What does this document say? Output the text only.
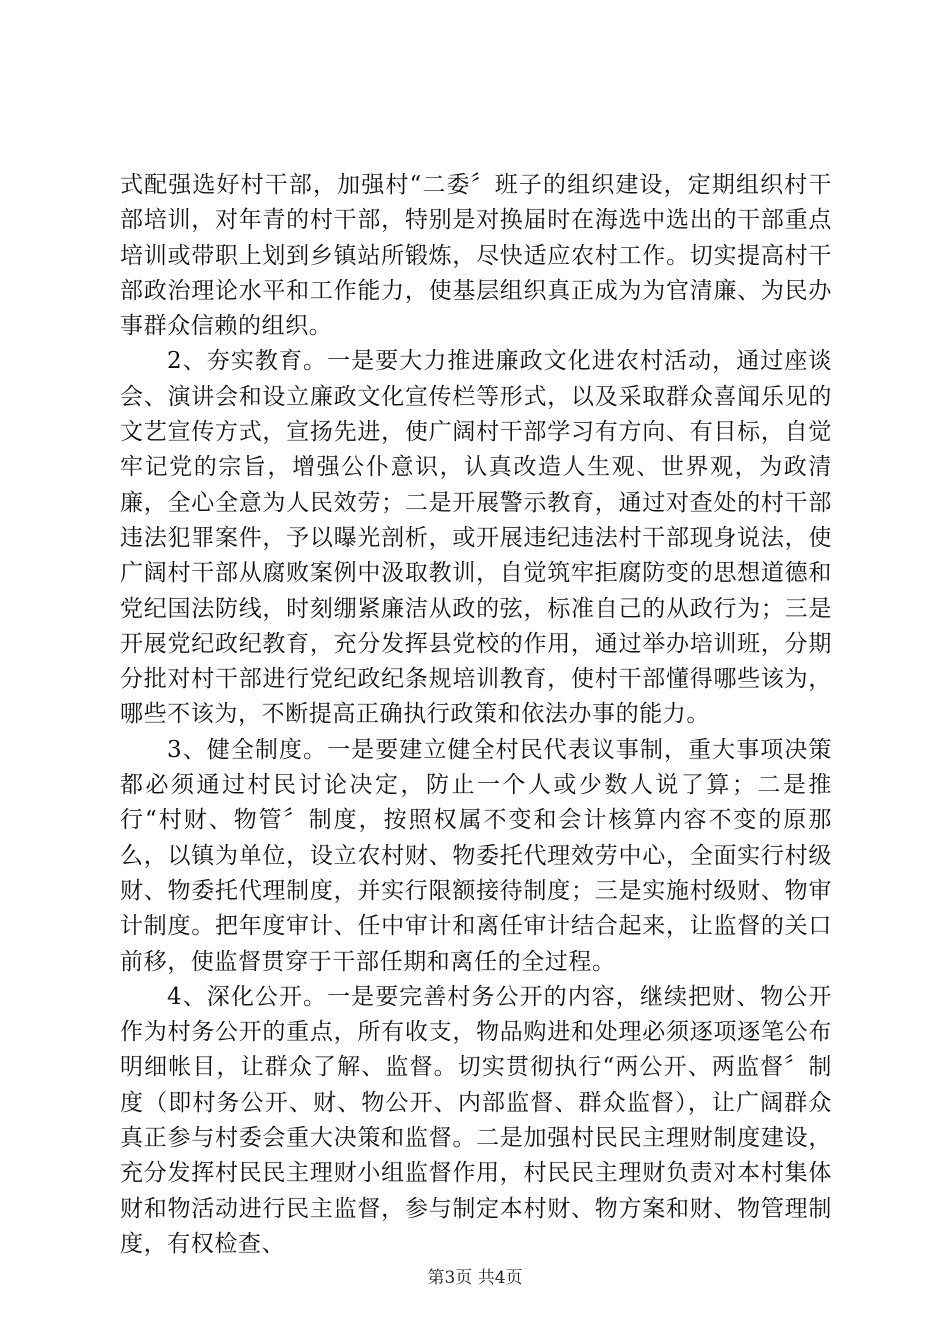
式配强选好村干部，加强村“二委〞班子的组织建设，定期组织村干部培训，对年青的村干部，特别是对换届时在海选中选出的干部重点培训或带职上划到乡镇站所锻炼，尽快适应农村工作。切实提高村干部政治理论水平和工作能力，使基层组织真正成为为官清廉、为民办事群众信赖的组织。

2、夯实教育。一是要大力推进廉政文化进农村活动，通过座谈会、演讲会和设立廉政文化宣传栏等形式，以及采取群众喜闻乐见的文艺宣传方式，宣扬先进，使广阔村干部学习有方向、有目标，自觉牢记党的宗旨，增强公仆意识，认真改造人生观、世界观，为政清廉，全心全意为人民效劳；二是开展警示教育，通过对查处的村干部违法犯罪案件，予以曝光剖析，或开展违纪违法村干部现身说法，使广阔村干部从腐败案例中汲取教训，自觉筑牢拒腐防变的思想道德和党纪国法防线，时刻绷紧廉洁从政的弦，标准自己的从政行为；三是开展党纪政纪教育，充分发挥县党校的作用，通过举办培训班，分期分批对村干部进行党纪政纪条规培训教育，使村干部懂得哪些该为，哪些不该为，不断提高正确执行政策和依法办事的能力。

3、健全制度。一是要建立健全村民代表议事制，重大事项决策都必须通过村民讨论决定，防止一个人或少数人说了算；二是推行“村财、物管〞制度，按照权属不变和会计核算内容不变的原那么，以镇为单位，设立农村财、物委托代理效劳中心，全面实行村级财、物委托代理制度，并实行限额接待制度；三是实施村级财、物审计制度。把年度审计、任中审计和离任审计结合起来，让监督的关口前移，使监督贯穿于干部任期和离任的全过程。

4、深化公开。一是要完善村务公开的内容，继续把财、物公开作为村务公开的重点，所有收支，物品购进和处理必须逐项逐笔公布明细帐目，让群众了解、监督。切实贯彻执行“两公开、两监督〞制度（即村务公开、财、物公开、内部监督、群众监督），让广阔群众真正参与村委会重大决策和监督。二是加强村民民主理财制度建设，充分发挥村民民主理财小组监督作用，村民民主理财负责对本村集体财和物活动进行民主监督，参与制定本村财、物方案和财、物管理制度，有权检查、

第3页 共4页
